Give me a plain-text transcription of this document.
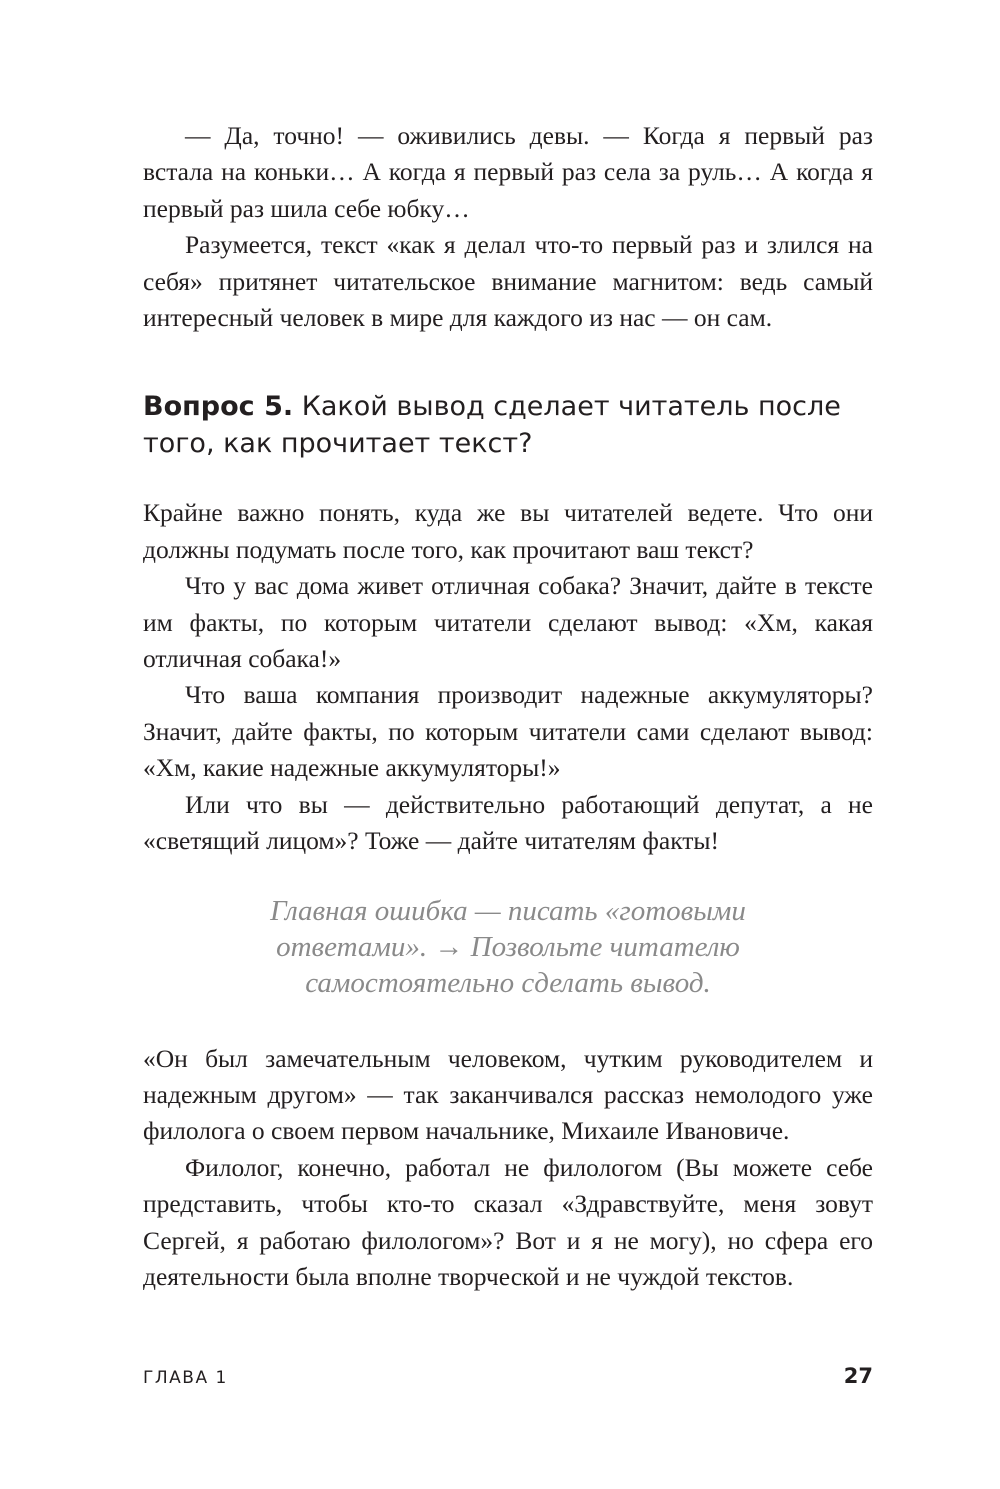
— Да, точно! — оживились девы. — Когда я первый раз встала на коньки… А когда я первый раз села за руль… А когда я первый раз шила себе юбку…

Разумеется, текст «как я делал что-то первый раз и злился на себя» притянет читательское внимание магнитом: ведь самый интересный человек в мире для каждого из нас — он сам.

Вопрос 5. Какой вывод сделает читатель после того, как прочитает текст?

Крайне важно понять, куда же вы читателей ведете. Что они должны подумать после того, как прочитают ваш текст?

Что у вас дома живет отличная собака? Значит, дайте в тексте им факты, по которым читатели сделают вывод: «Хм, какая отличная собака!»

Что ваша компания производит надежные аккумуляторы? Значит, дайте факты, по которым читатели сами сделают вывод: «Хм, какие надежные аккумуляторы!»

Или что вы — действительно работающий депутат, а не «светящий лицом»? Тоже — дайте читателям факты!

Главная ошибка — писать «готовыми ответами». → Позвольте читателю самостоятельно сделать вывод.

«Он был замечательным человеком, чутким руководителем и надежным другом» — так заканчивался рассказ немолодого уже филолога о своем первом начальнике, Михаиле Ивановиче.

Филолог, конечно, работал не филологом (Вы можете себе представить, чтобы кто-то сказал «Здравствуйте, меня зовут Сергей, я работаю филологом»? Вот и я не могу), но сфера его деятельности была вполне творческой и не чуждой текстов.

ГЛАВА 1	27
